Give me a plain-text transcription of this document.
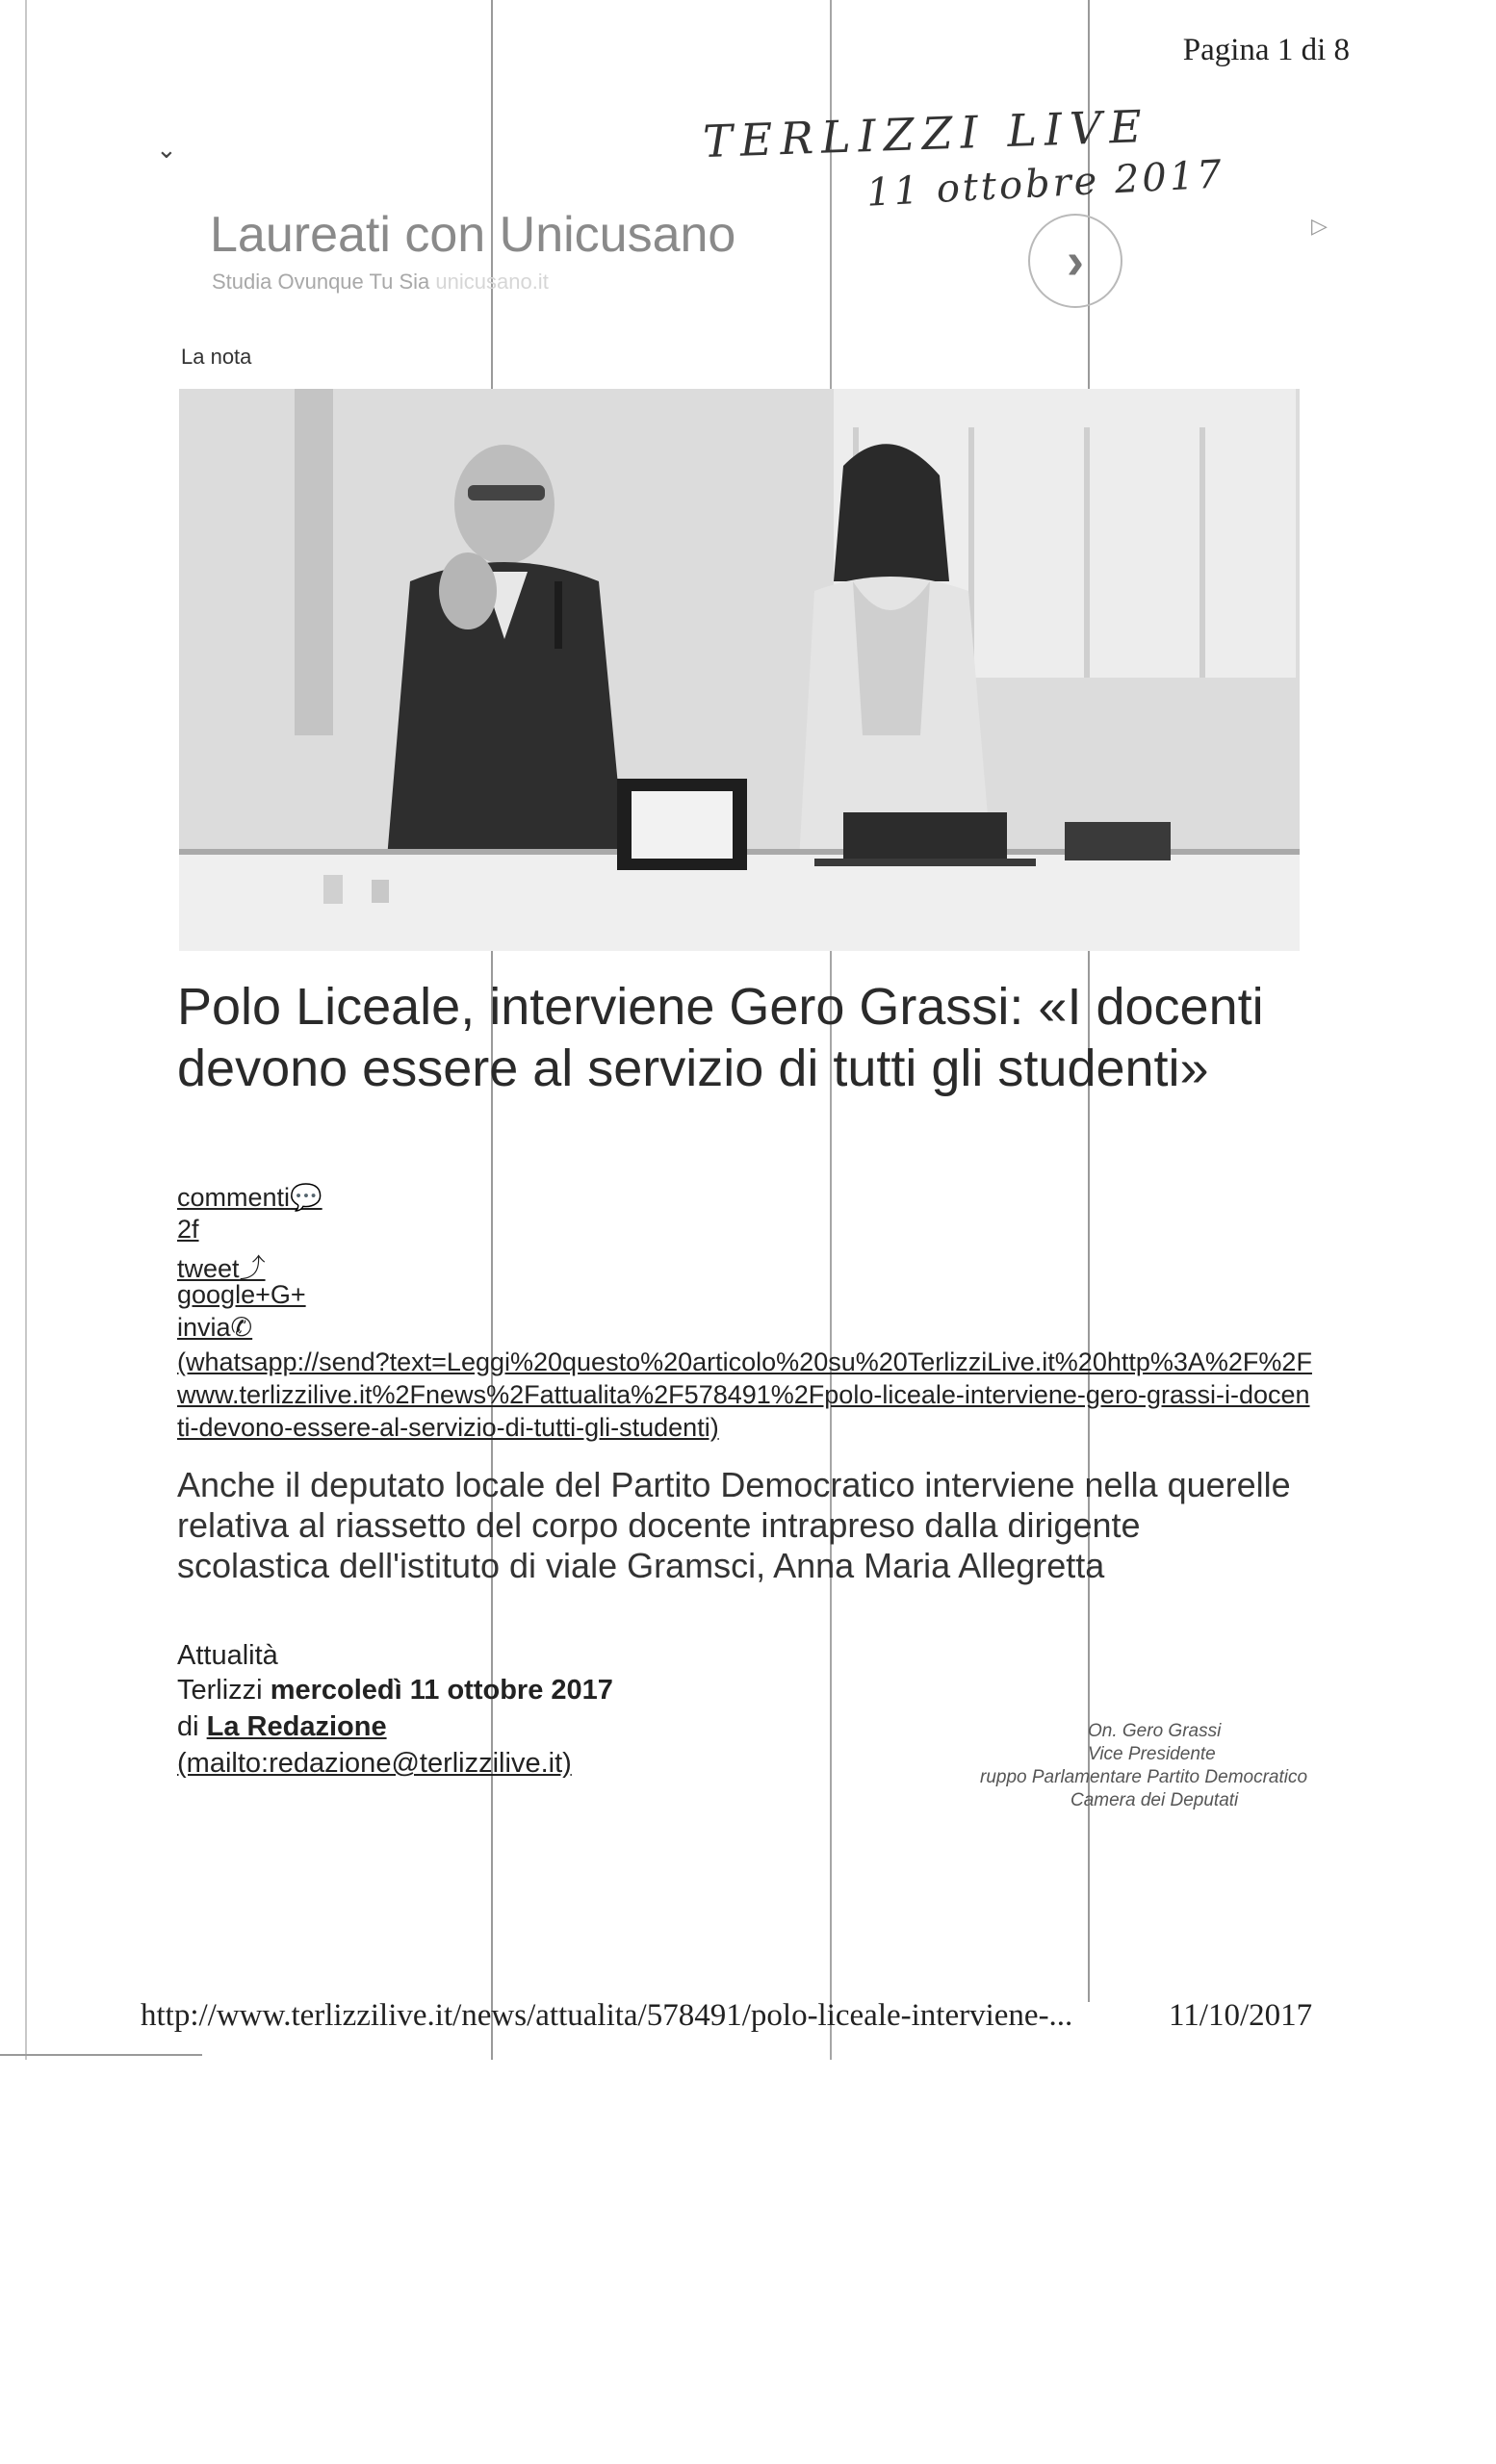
Pagina 1 di 8
⌄	TERLIZZI LIVE
11 ottobre 2017
Laureati con Unicusano
Studia Ovunque Tu Sia unicusano.it	›
▷
La nota
Polo Liceale, interviene Gero Grassi: «I docenti devono essere al servizio di tutti gli studenti»
commenti💬
2f
tweet⤴
google+G+
invia✆
(whatsapp://send?text=Leggi%20questo%20articolo%20su%20TerlizziLive.it%20http%3A%2F%2Fwww.terlizzilive.it%2Fnews%2Fattualita%2F578491%2Fpolo-liceale-interviene-gero-grassi-i-docenti-devono-essere-al-servizio-di-tutti-gli-studenti)
Anche il deputato locale del Partito Democratico interviene nella querelle relativa al riassetto del corpo docente intrapreso dalla dirigente scolastica dell'istituto di viale Gramsci, Anna Maria Allegretta
Attualità
Terlizzi mercoledì 11 ottobre 2017
di La Redazione
(mailto:redazione@terlizzilive.it)
On. Gero Grassi
Vice Presidente
ruppo Parlamentare Partito Democratico
Camera dei Deputati
http://www.terlizzilive.it/news/attualita/578491/polo-liceale-interviene-...	11/10/2017
